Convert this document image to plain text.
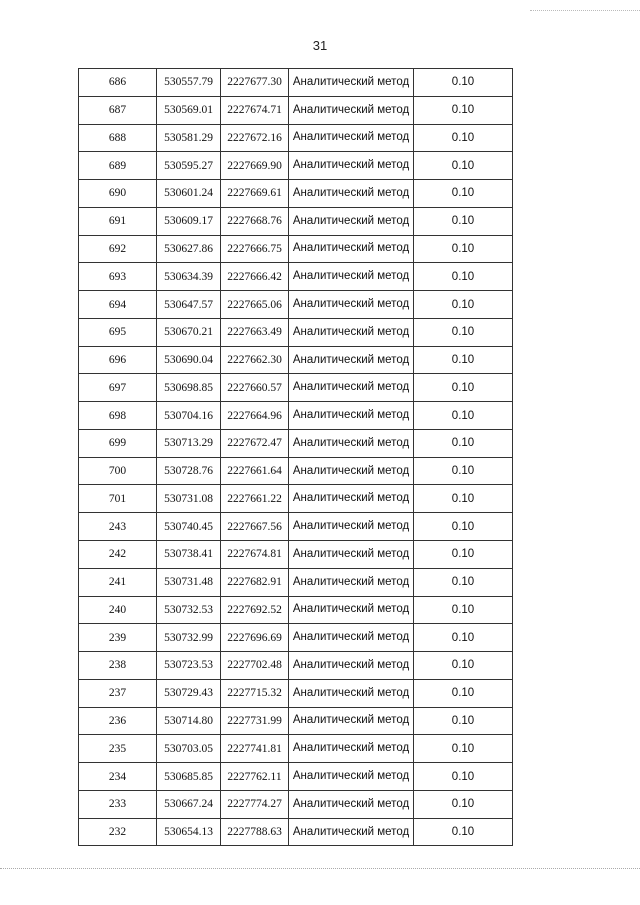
31
686	530557.79	2227677.30	Аналитический метод	0.10
687	530569.01	2227674.71	Аналитический метод	0.10
688	530581.29	2227672.16	Аналитический метод	0.10
689	530595.27	2227669.90	Аналитический метод	0.10
690	530601.24	2227669.61	Аналитический метод	0.10
691	530609.17	2227668.76	Аналитический метод	0.10
692	530627.86	2227666.75	Аналитический метод	0.10
693	530634.39	2227666.42	Аналитический метод	0.10
694	530647.57	2227665.06	Аналитический метод	0.10
695	530670.21	2227663.49	Аналитический метод	0.10
696	530690.04	2227662.30	Аналитический метод	0.10
697	530698.85	2227660.57	Аналитический метод	0.10
698	530704.16	2227664.96	Аналитический метод	0.10
699	530713.29	2227672.47	Аналитический метод	0.10
700	530728.76	2227661.64	Аналитический метод	0.10
701	530731.08	2227661.22	Аналитический метод	0.10
243	530740.45	2227667.56	Аналитический метод	0.10
242	530738.41	2227674.81	Аналитический метод	0.10
241	530731.48	2227682.91	Аналитический метод	0.10
240	530732.53	2227692.52	Аналитический метод	0.10
239	530732.99	2227696.69	Аналитический метод	0.10
238	530723.53	2227702.48	Аналитический метод	0.10
237	530729.43	2227715.32	Аналитический метод	0.10
236	530714.80	2227731.99	Аналитический метод	0.10
235	530703.05	2227741.81	Аналитический метод	0.10
234	530685.85	2227762.11	Аналитический метод	0.10
233	530667.24	2227774.27	Аналитический метод	0.10
232	530654.13	2227788.63	Аналитический метод	0.10
